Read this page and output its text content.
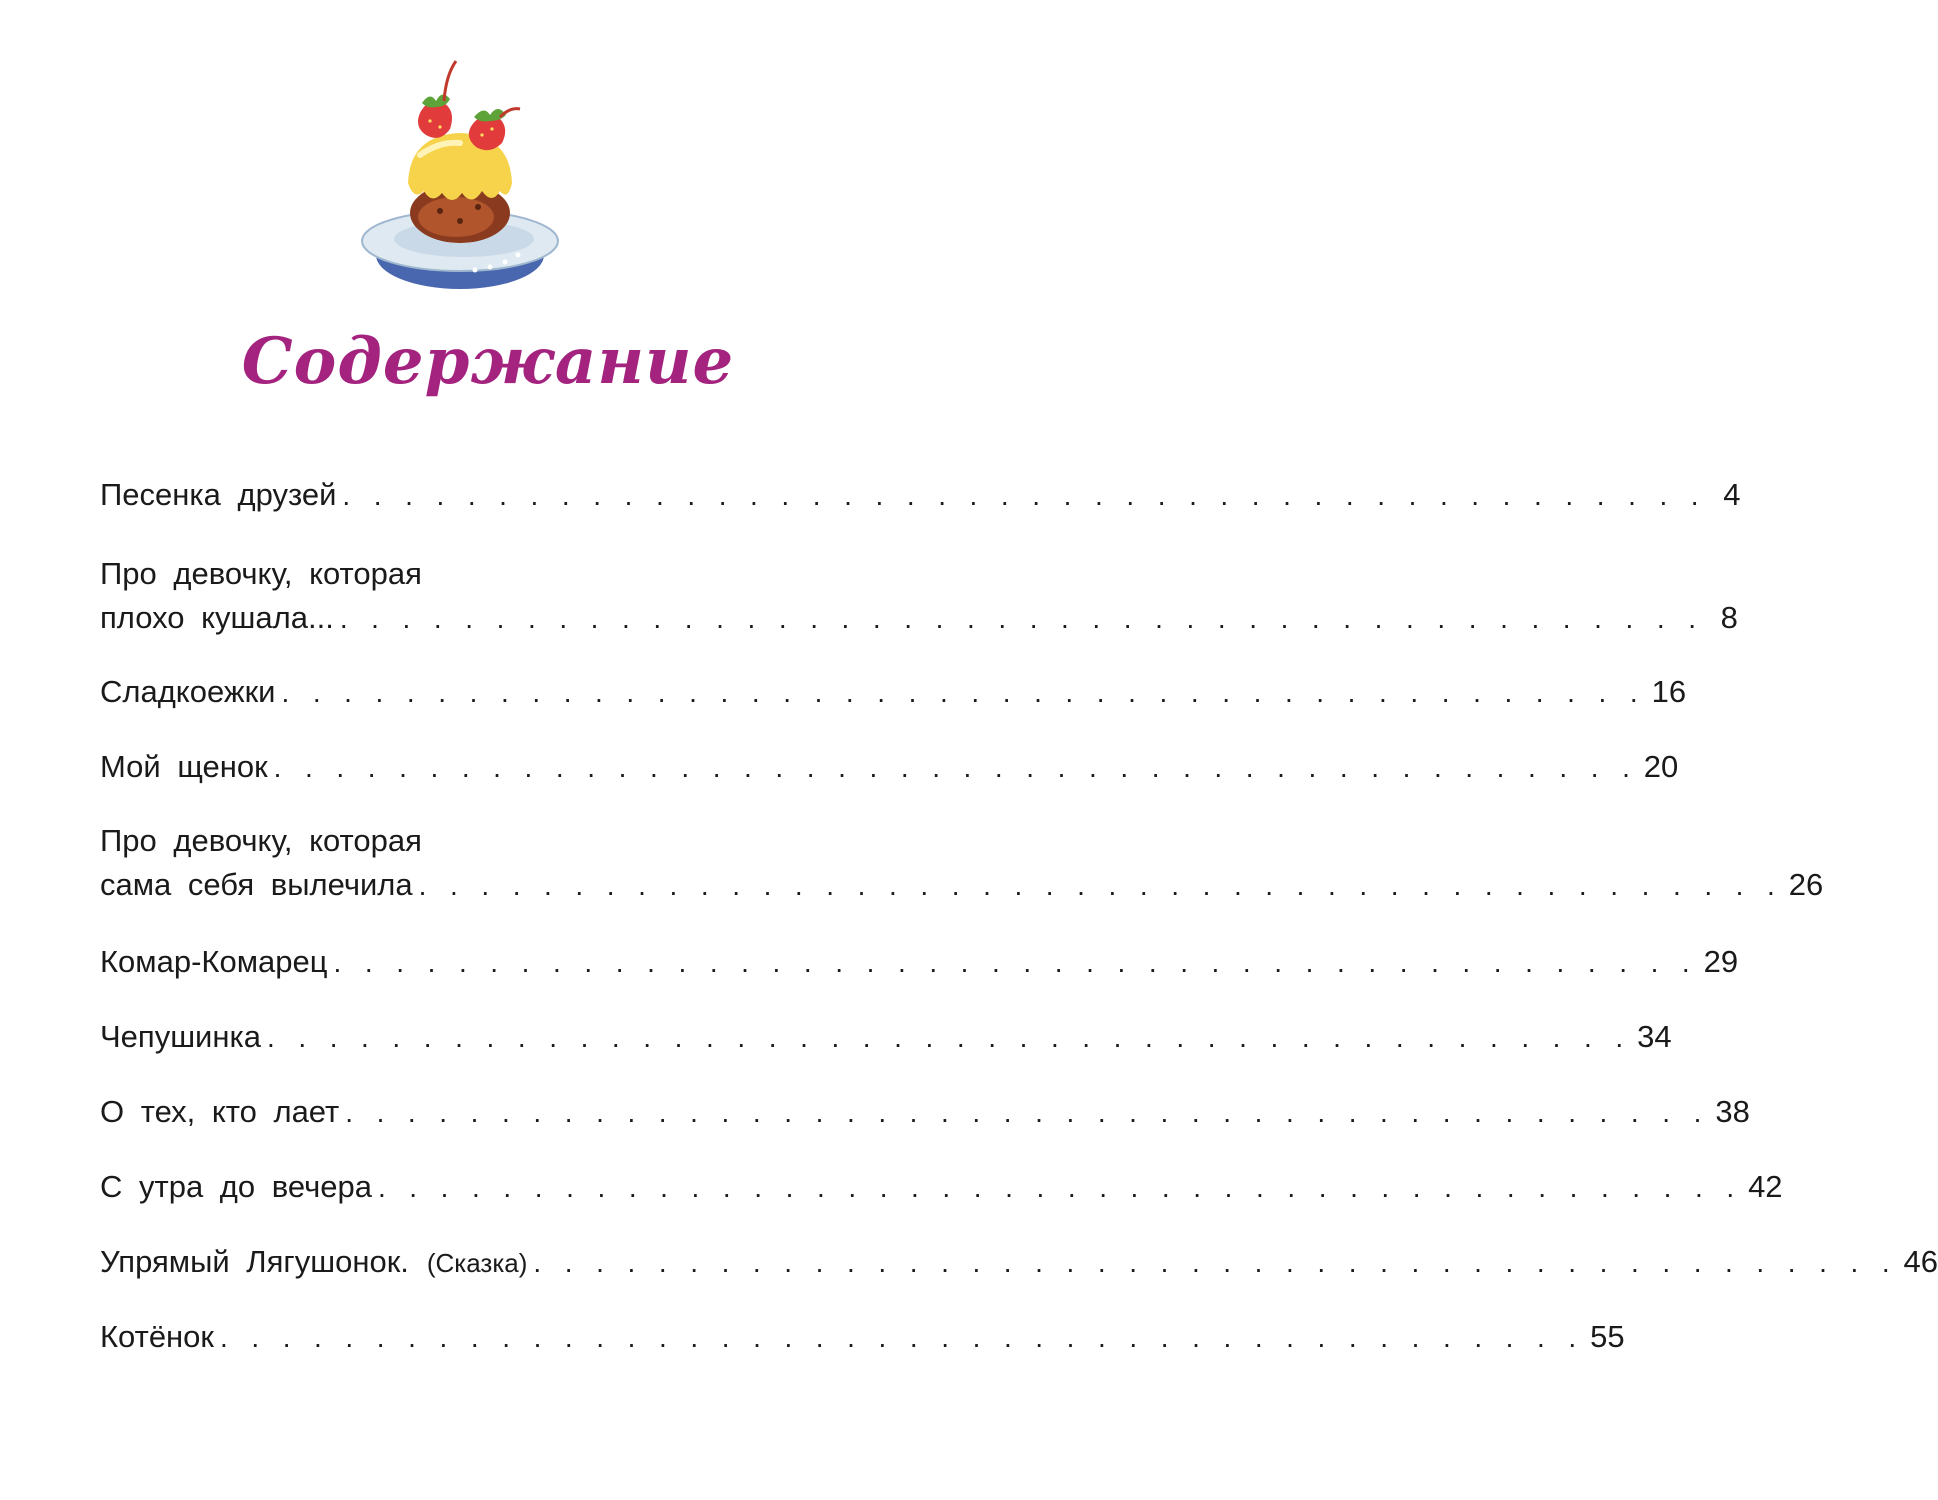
Содержание
Песенка друзей . . . . . . . . . . . . . . . . . . . . . . . . . . . . . . . . . . . . . . . . . . . . 4
Про девочку, которая
плохо кушала... . . . . . . . . . . . . . . . . . . . . . . . . . . . . . . . . . . . . . . . . . . . . 8
Сладкоежки . . . . . . . . . . . . . . . . . . . . . . . . . . . . . . . . . . . . . . . . . . . . 16
Мой щенок . . . . . . . . . . . . . . . . . . . . . . . . . . . . . . . . . . . . . . . . . . . . 20
Про девочку, которая
сама себя вылечила . . . . . . . . . . . . . . . . . . . . . . . . . . . . . . . . . . . . . . . . . . . . 26
Комар-Комарец . . . . . . . . . . . . . . . . . . . . . . . . . . . . . . . . . . . . . . . . . . . . 29
Чепушинка . . . . . . . . . . . . . . . . . . . . . . . . . . . . . . . . . . . . . . . . . . . . 34
О тех, кто лает . . . . . . . . . . . . . . . . . . . . . . . . . . . . . . . . . . . . . . . . . . . . 38
С утра до вечера . . . . . . . . . . . . . . . . . . . . . . . . . . . . . . . . . . . . . . . . . . . . 42
Упрямый Лягушонок. (Сказка) . . . . . . . . . . . . . . . . . . . . . . . . . . . . . . . . . . . . . . . . . . . . 46
Котёнок . . . . . . . . . . . . . . . . . . . . . . . . . . . . . . . . . . . . . . . . . . . . 55
